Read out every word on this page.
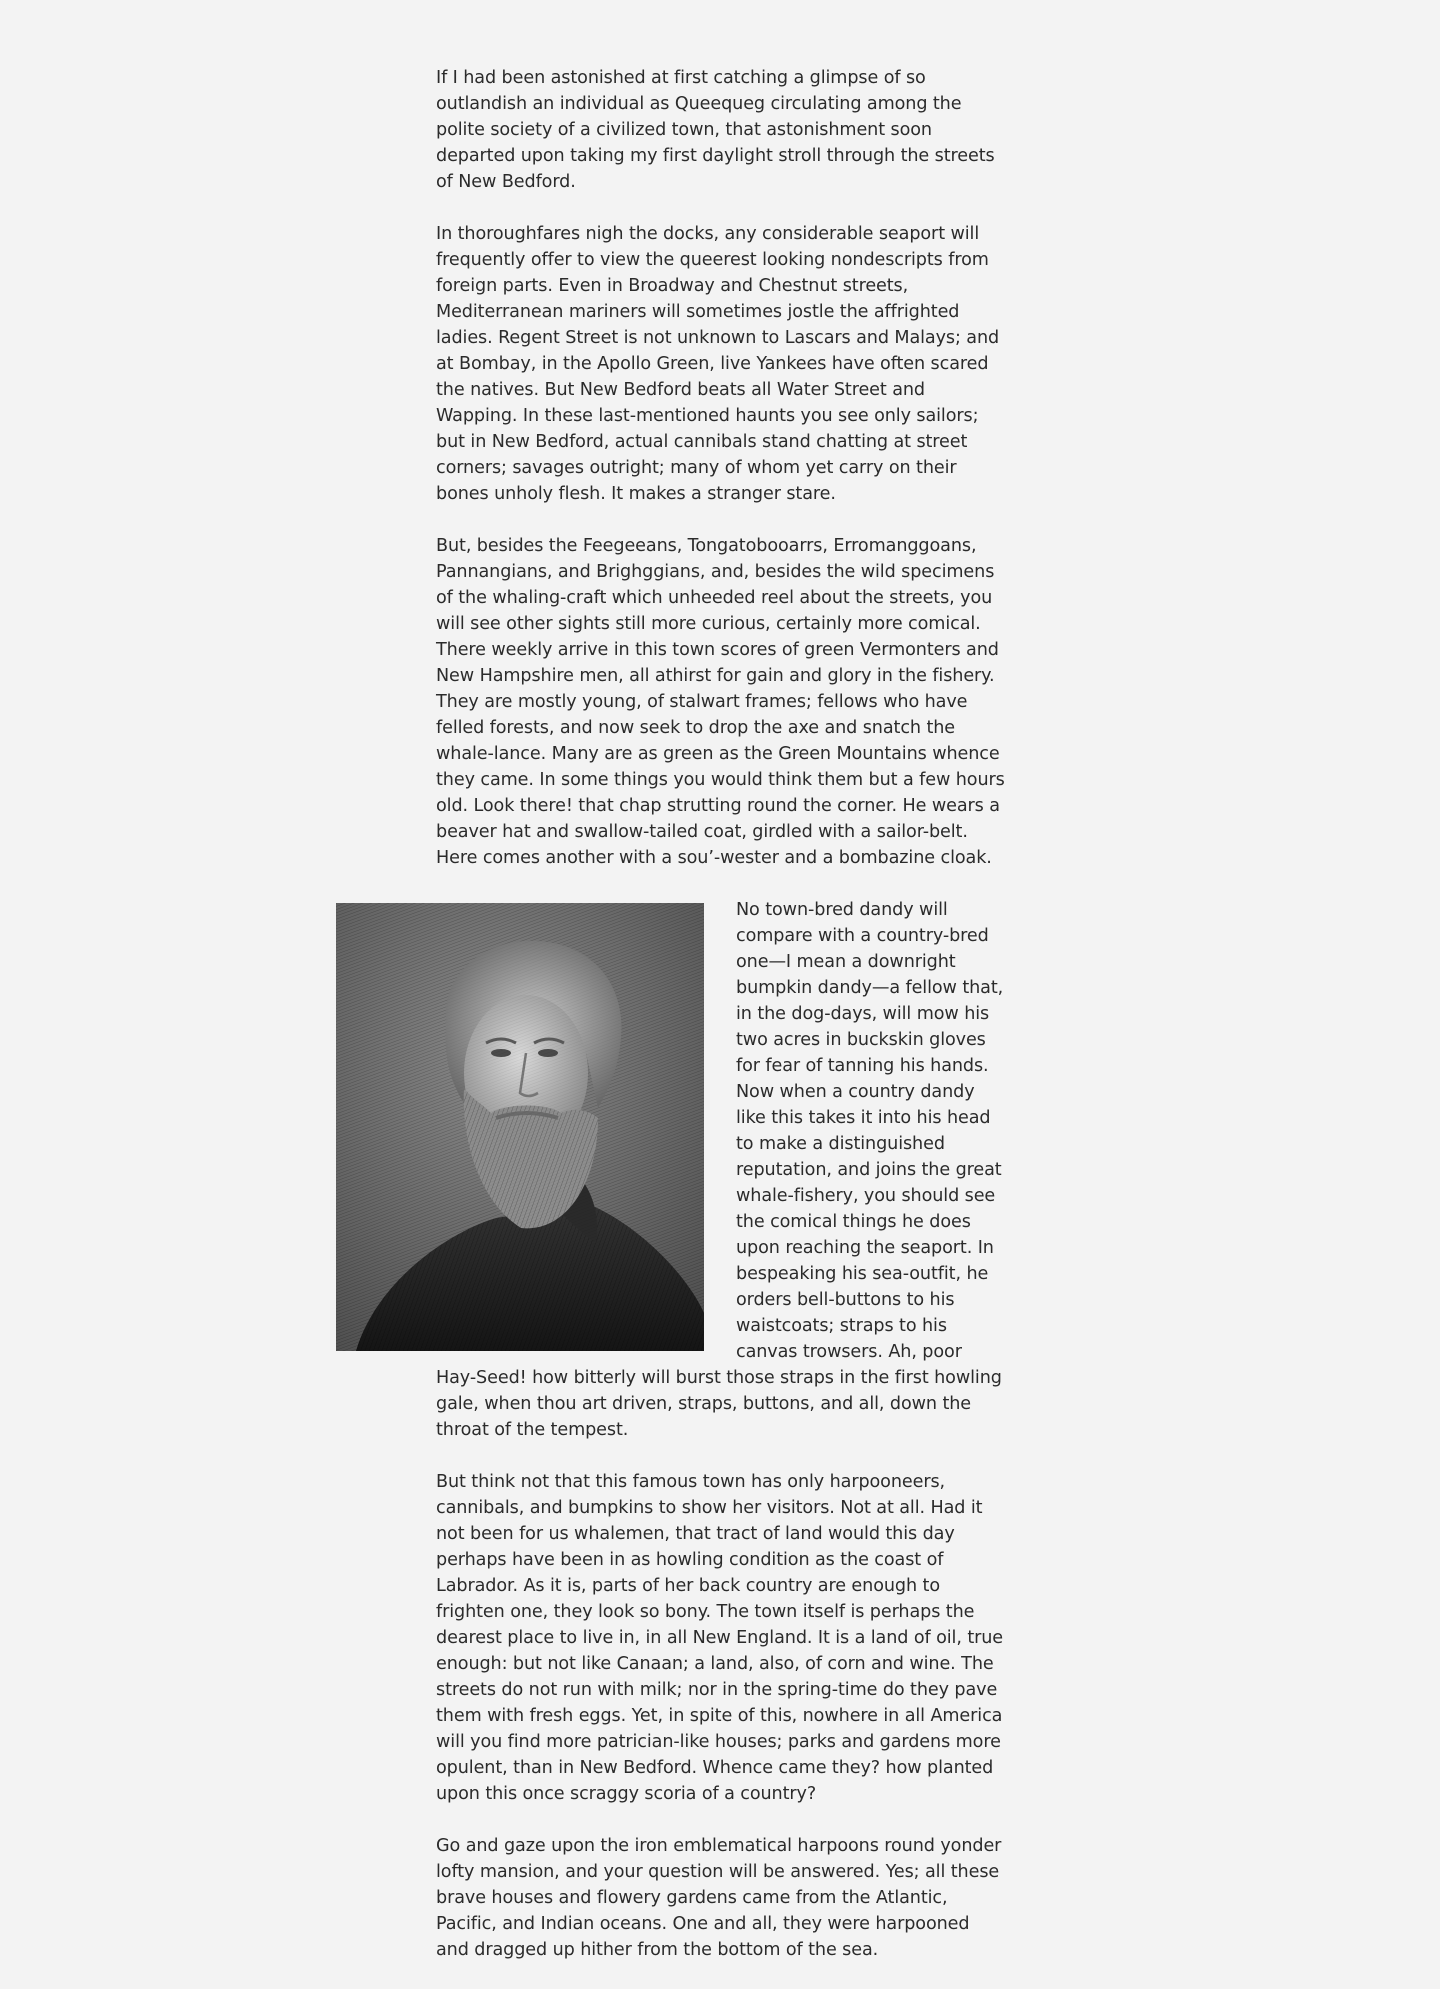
If I had been astonished at first catching a glimpse of so outlandish an individual as Queequeg circulating among the polite society of a civilized town, that astonishment soon departed upon taking my first daylight stroll through the streets of New Bedford.

In thoroughfares nigh the docks, any considerable seaport will frequently offer to view the queerest looking nondescripts from foreign parts. Even in Broadway and Chestnut streets, Mediterranean mariners will sometimes jostle the affrighted ladies. Regent Street is not unknown to Lascars and Malays; and at Bombay, in the Apollo Green, live Yankees have often scared the natives. But New Bedford beats all Water Street and Wapping. In these last-mentioned haunts you see only sailors; but in New Bedford, actual cannibals stand chatting at street corners; savages outright; many of whom yet carry on their bones unholy flesh. It makes a stranger stare.

But, besides the Feegeeans, Tongatobooarrs, Erromanggoans, Pannangians, and Brighggians, and, besides the wild specimens of the whaling-craft which unheeded reel about the streets, you will see other sights still more curious, certainly more comical. There weekly arrive in this town scores of green Vermonters and New Hampshire men, all athirst for gain and glory in the fishery. They are mostly young, of stalwart frames; fellows who have felled forests, and now seek to drop the axe and snatch the whale-lance. Many are as green as the Green Mountains whence they came. In some things you would think them but a few hours old. Look there! that chap strutting round the corner. He wears a beaver hat and swallow-tailed coat, girdled with a sailor-belt. Here comes another with a sou’-wester and a bombazine cloak.

No town-bred dandy will compare with a country-bred one—I mean a downright bumpkin dandy—a fellow that, in the dog-days, will mow his two acres in buckskin gloves for fear of tanning his hands. Now when a country dandy like this takes it into his head to make a distinguished reputation, and joins the great whale-fishery, you should see the comical things he does upon reaching the seaport. In bespeaking his sea-outfit, he orders bell-buttons to his waistcoats; straps to his canvas trowsers. Ah, poor Hay-Seed! how bitterly will burst those straps in the first howling gale, when thou art driven, straps, buttons, and all, down the throat of the tempest.

But think not that this famous town has only harpooneers, cannibals, and bumpkins to show her visitors. Not at all. Had it not been for us whalemen, that tract of land would this day perhaps have been in as howling condition as the coast of Labrador. As it is, parts of her back country are enough to frighten one, they look so bony. The town itself is perhaps the dearest place to live in, in all New England. It is a land of oil, true enough: but not like Canaan; a land, also, of corn and wine. The streets do not run with milk; nor in the spring-time do they pave them with fresh eggs. Yet, in spite of this, nowhere in all America will you find more patrician-like houses; parks and gardens more opulent, than in New Bedford. Whence came they? how planted upon this once scraggy scoria of a country?

Go and gaze upon the iron emblematical harpoons round yonder lofty mansion, and your question will be answered. Yes; all these brave houses and flowery gardens came from the Atlantic, Pacific, and Indian oceans. One and all, they were harpooned and dragged up hither from the bottom of the sea.
